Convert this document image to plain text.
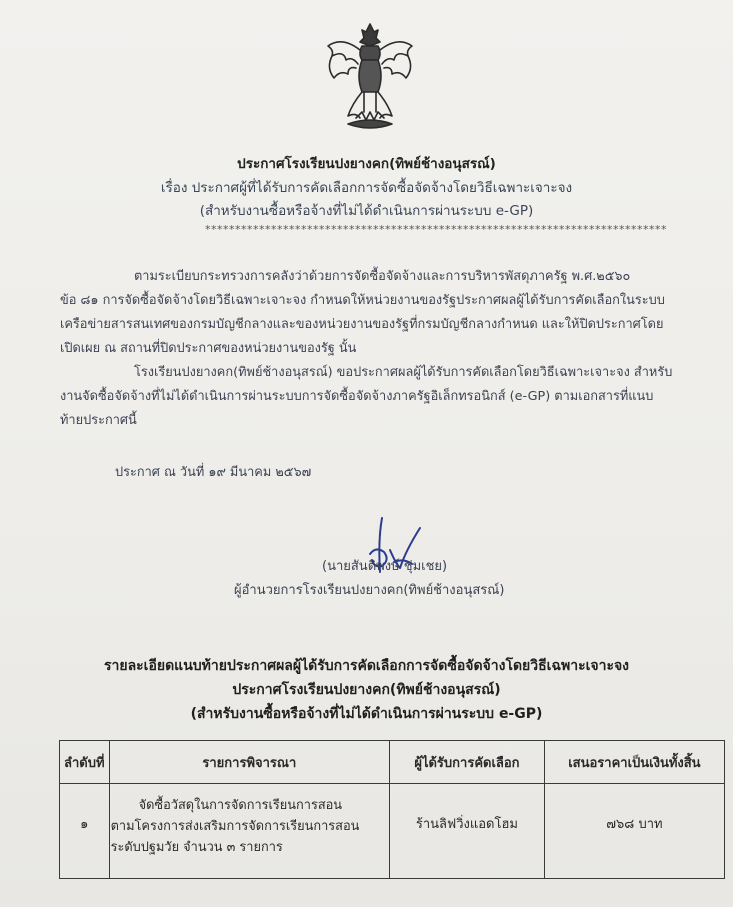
ประกาศโรงเรียนปงยางคก(ทิพย์ช้างอนุสรณ์)
เรื่อง ประกาศผู้ที่ได้รับการคัดเลือกการจัดซื้อจัดจ้างโดยวิธีเฉพาะเจาะจง
(สำหรับงานซื้อหรือจ้างที่ไม่ได้ดำเนินการผ่านระบบ e-GP)
*****************************************************************************
ตามระเบียบกระทรวงการคลังว่าด้วยการจัดซื้อจัดจ้างและการบริหารพัสดุภาครัฐ พ.ศ.๒๕๖๐
ข้อ ๘๑ การจัดซื้อจัดจ้างโดยวิธีเฉพาะเจาะจง กำหนดให้หน่วยงานของรัฐประกาศผลผู้ได้รับการคัดเลือกในระบบ
เครือข่ายสารสนเทศของกรมบัญชีกลางและของหน่วยงานของรัฐที่กรมบัญชีกลางกำหนด และให้ปิดประกาศโดย
เปิดเผย ณ สถานที่ปิดประกาศของหน่วยงานของรัฐ นั้น
โรงเรียนปงยางคก(ทิพย์ช้างอนุสรณ์) ขอประกาศผลผู้ได้รับการคัดเลือกโดยวิธีเฉพาะเจาะจง สำหรับ
งานจัดซื้อจัดจ้างที่ไม่ได้ดำเนินการผ่านระบบการจัดซื้อจัดจ้างภาครัฐอิเล็กทรอนิกส์ (e-GP) ตามเอกสารที่แนบ
ท้ายประกาศนี้
ประกาศ ณ วันที่ ๑๙ มีนาคม ๒๕๖๗
(นายสันติพงษ์ ชุ่มเชย)
ผู้อำนวยการโรงเรียนปงยางคก(ทิพย์ช้างอนุสรณ์)
รายละเอียดแนบท้ายประกาศผลผู้ได้รับการคัดเลือกการจัดซื้อจัดจ้างโดยวิธีเฉพาะเจาะจง
ประกาศโรงเรียนปงยางคก(ทิพย์ช้างอนุสรณ์)
(สำหรับงานซื้อหรือจ้างที่ไม่ได้ดำเนินการผ่านระบบ e-GP)
ลำดับที่	รายการพิจารณา	ผู้ได้รับการคัดเลือก	เสนอราคาเป็นเงินทั้งสิ้น

๑	จัดซื้อวัสดุในการจัดการเรียนการสอน
ตามโครงการส่งเสริมการจัดการเรียนการสอน
ระดับปฐมวัย จำนวน ๓ รายการ	ร้านลิฟวิ่งแอดโฮม	๗๖๘ บาท
